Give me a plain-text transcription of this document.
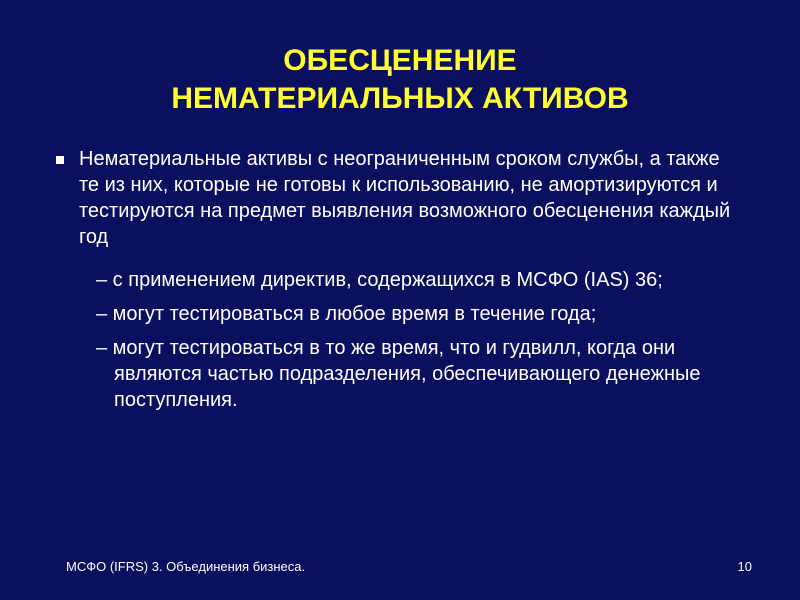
ОБЕСЦЕНЕНИЕ
НЕМАТЕРИАЛЬНЫХ АКТИВОВ
Нематериальные активы с неограниченным сроком службы, а также те из них, которые не готовы к использованию, не амортизируются и тестируются на предмет выявления возможного обесценения каждый год
– с применением директив, содержащихся в МСФО (IAS) 36;
– могут тестироваться в любое время в течение года;
– могут тестироваться в то же время, что и гудвилл, когда они являются частью подразделения, обеспечивающего денежные поступления.
МСФО (IFRS) 3. Объединения бизнеса.	10
